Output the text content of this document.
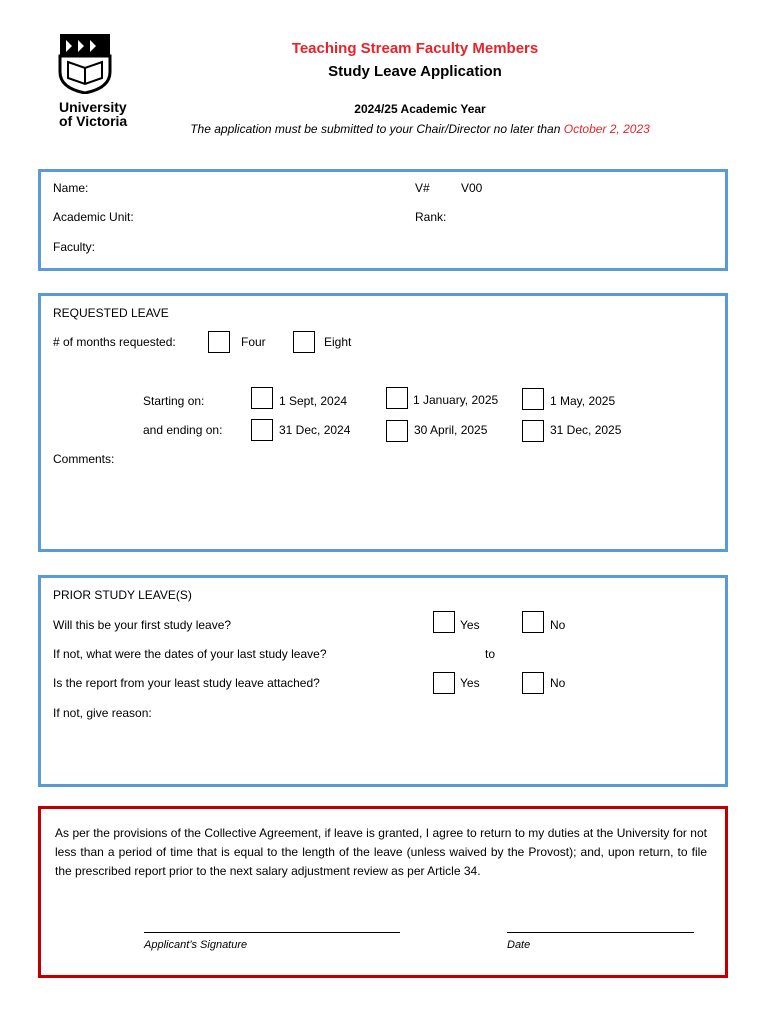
University
of Victoria
Teaching Stream Faculty Members
Study Leave Application
2024/25 Academic Year
The application must be submitted to your Chair/Director no later than October 2, 2023
Name:	V#	V00
Academic Unit:	Rank:
Faculty:
REQUESTED LEAVE
# of months requested:	Four	Eight
Starting on:	1 Sept, 2024	1 January, 2025	1 May, 2025
and ending on:	31 Dec, 2024	30 April, 2025	31 Dec, 2025
Comments:
PRIOR STUDY LEAVE(S)
Will this be your first study leave?	Yes	No
If not, what were the dates of your last study leave?	to
Is the report from your least study leave attached?	Yes	No
If not, give reason:
As per the provisions of the Collective Agreement, if leave is granted, I agree to return to my duties at the University for not less than a period of time that is equal to the length of the leave (unless waived by the Provost); and, upon return, to file the prescribed report prior to the next salary adjustment review as per Article 34.
Applicant’s Signature	Date
